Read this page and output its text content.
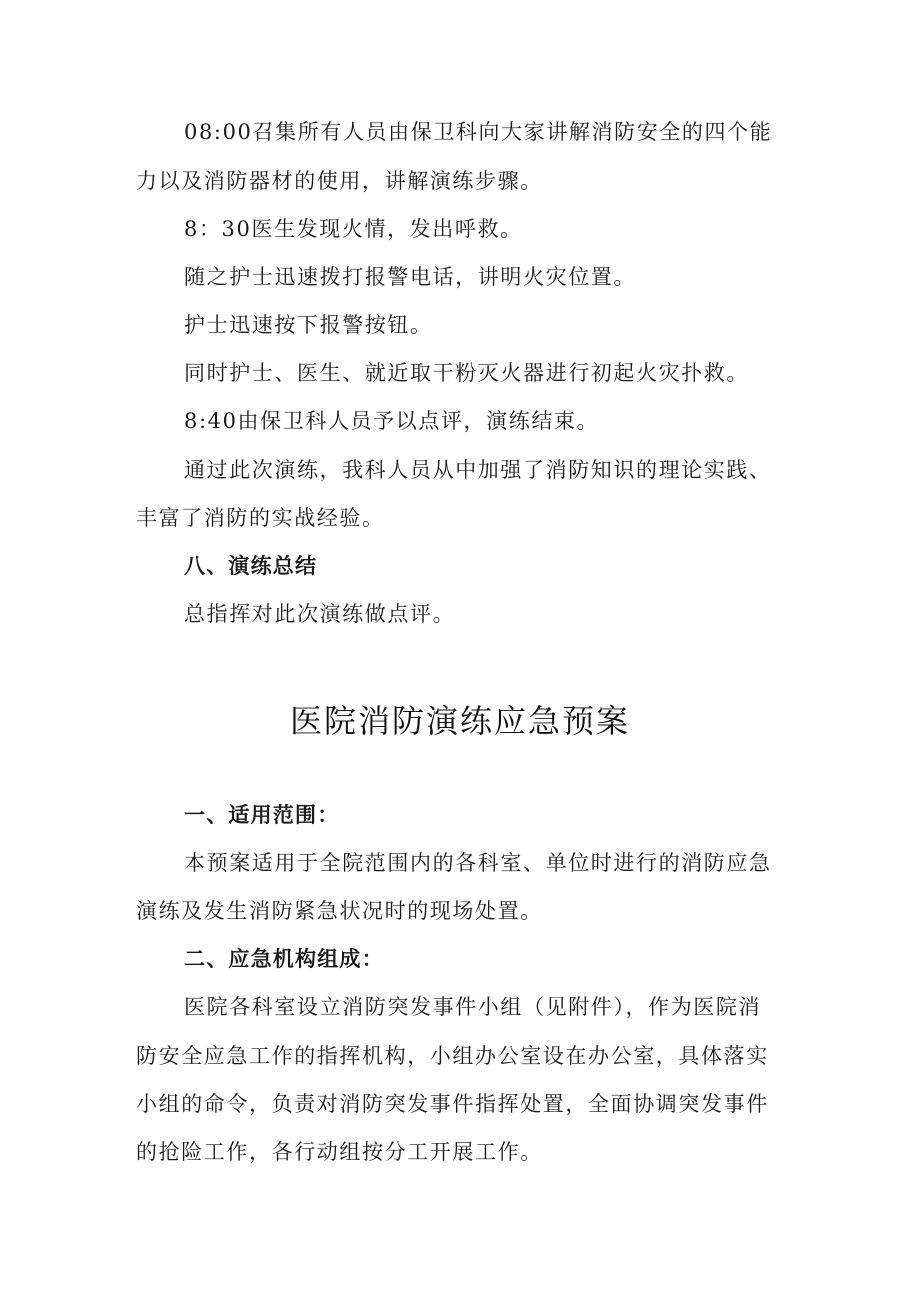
08:00召集所有人员由保卫科向大家讲解消防安全的四个能
力以及消防器材的使用，讲解演练步骤。
8：30医生发现火情，发出呼救。
随之护士迅速拨打报警电话，讲明火灾位置。
护士迅速按下报警按钮。
同时护士、医生、就近取干粉灭火器进行初起火灾扑救。
8:40由保卫科人员予以点评，演练结束。
通过此次演练，我科人员从中加强了消防知识的理论实践、
丰富了消防的实战经验。
八、演练总结
总指挥对此次演练做点评。
医院消防演练应急预案
一、适用范围：
本预案适用于全院范围内的各科室、单位时进行的消防应急
演练及发生消防紧急状况时的现场处置。
二、应急机构组成：
医院各科室设立消防突发事件小组（见附件），作为医院消
防安全应急工作的指挥机构，小组办公室设在办公室，具体落实
小组的命令，负责对消防突发事件指挥处置，全面协调突发事件
的抢险工作，各行动组按分工开展工作。
